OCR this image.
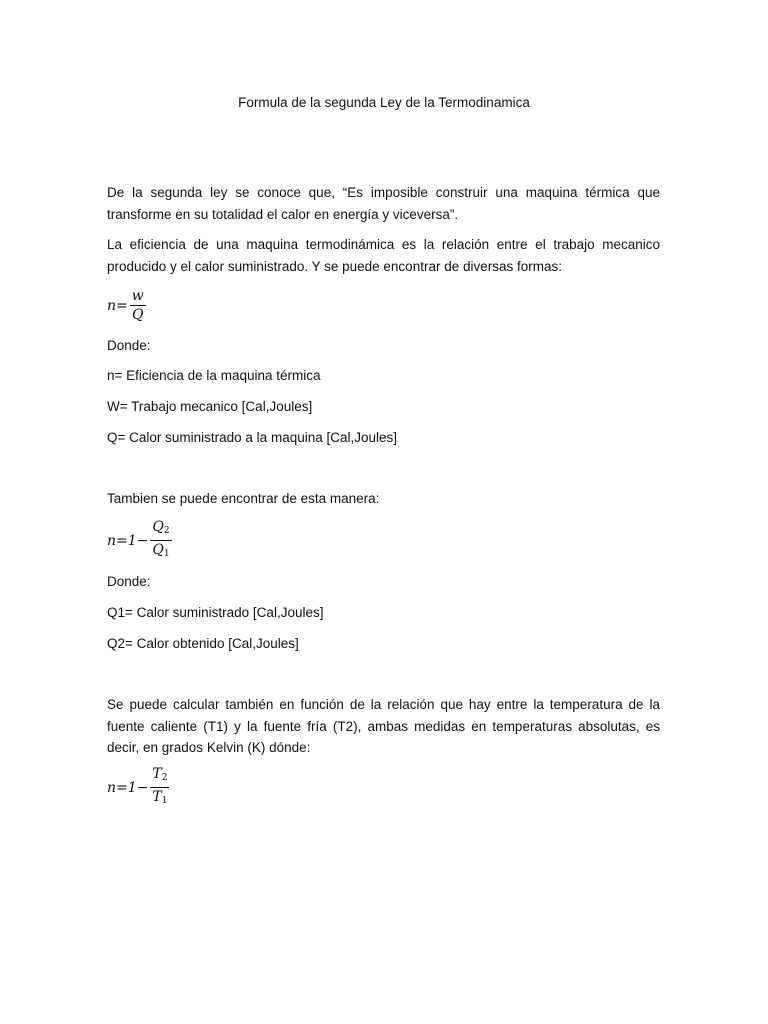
Formula de la segunda Ley de la Termodinamica

De la segunda ley se conoce que, “Es imposible construir una maquina térmica que transforme en su totalidad el calor en energía y viceversa”.

La eficiencia de una maquina termodinámica es la relación entre el trabajo mecanico producido y el calor suministrado. Y se puede encontrar de diversas formas:

$n= \frac{w}{Q}$

Donde:

n= Eficiencia de la maquina térmica

W= Trabajo mecanico [Cal,Joules]

Q= Calor suministrado a la maquina [Cal,Joules]

Tambien se puede encontrar de esta manera:

$n=1- \frac{Q_2}{Q_1}$

Donde:

Q1= Calor suministrado [Cal,Joules]

Q2= Calor obtenido [Cal,Joules]

Se puede calcular también en función de la relación que hay entre la temperatura de la fuente caliente (T1) y la fuente fría (T2), ambas medidas en temperaturas absolutas, es decir, en grados Kelvin (K) dónde:

$n=1- \frac{T_2}{T_1}$
